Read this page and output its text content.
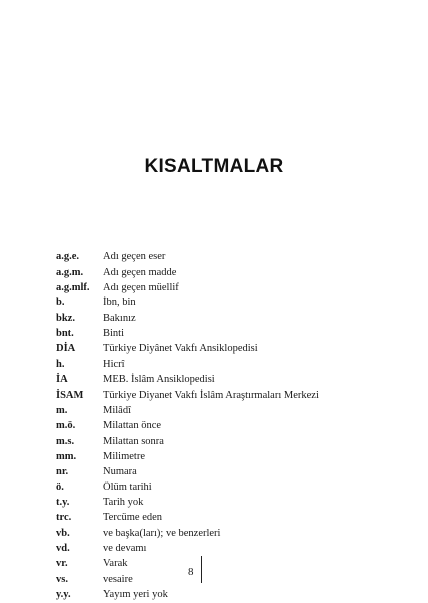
KISALTMALAR
a.g.e.	Adı geçen eser
a.g.m.	Adı geçen madde
a.g.mlf.	Adı geçen müellif
b.	İbn, bin
bkz.	Bakınız
bnt.	Binti
DİA	Türkiye Diyânet Vakfı Ansiklopedisi
h.	Hicrî
İA	MEB. İslâm Ansiklopedisi
İSAM	Türkiye Diyanet Vakfı İslâm Araştırmaları Merkezi
m.	Milâdî
m.ö.	Milattan önce
m.s.	Milattan sonra
mm.	Milimetre
nr.	Numara
ö.	Ölüm tarihi
t.y.	Tarih yok
trc.	Tercüme eden
vb.	ve başka(ları); ve benzerleri
vd.	ve devamı
vr.	Varak
vs.	vesaire
y.y.	Yayım yeri yok
8
